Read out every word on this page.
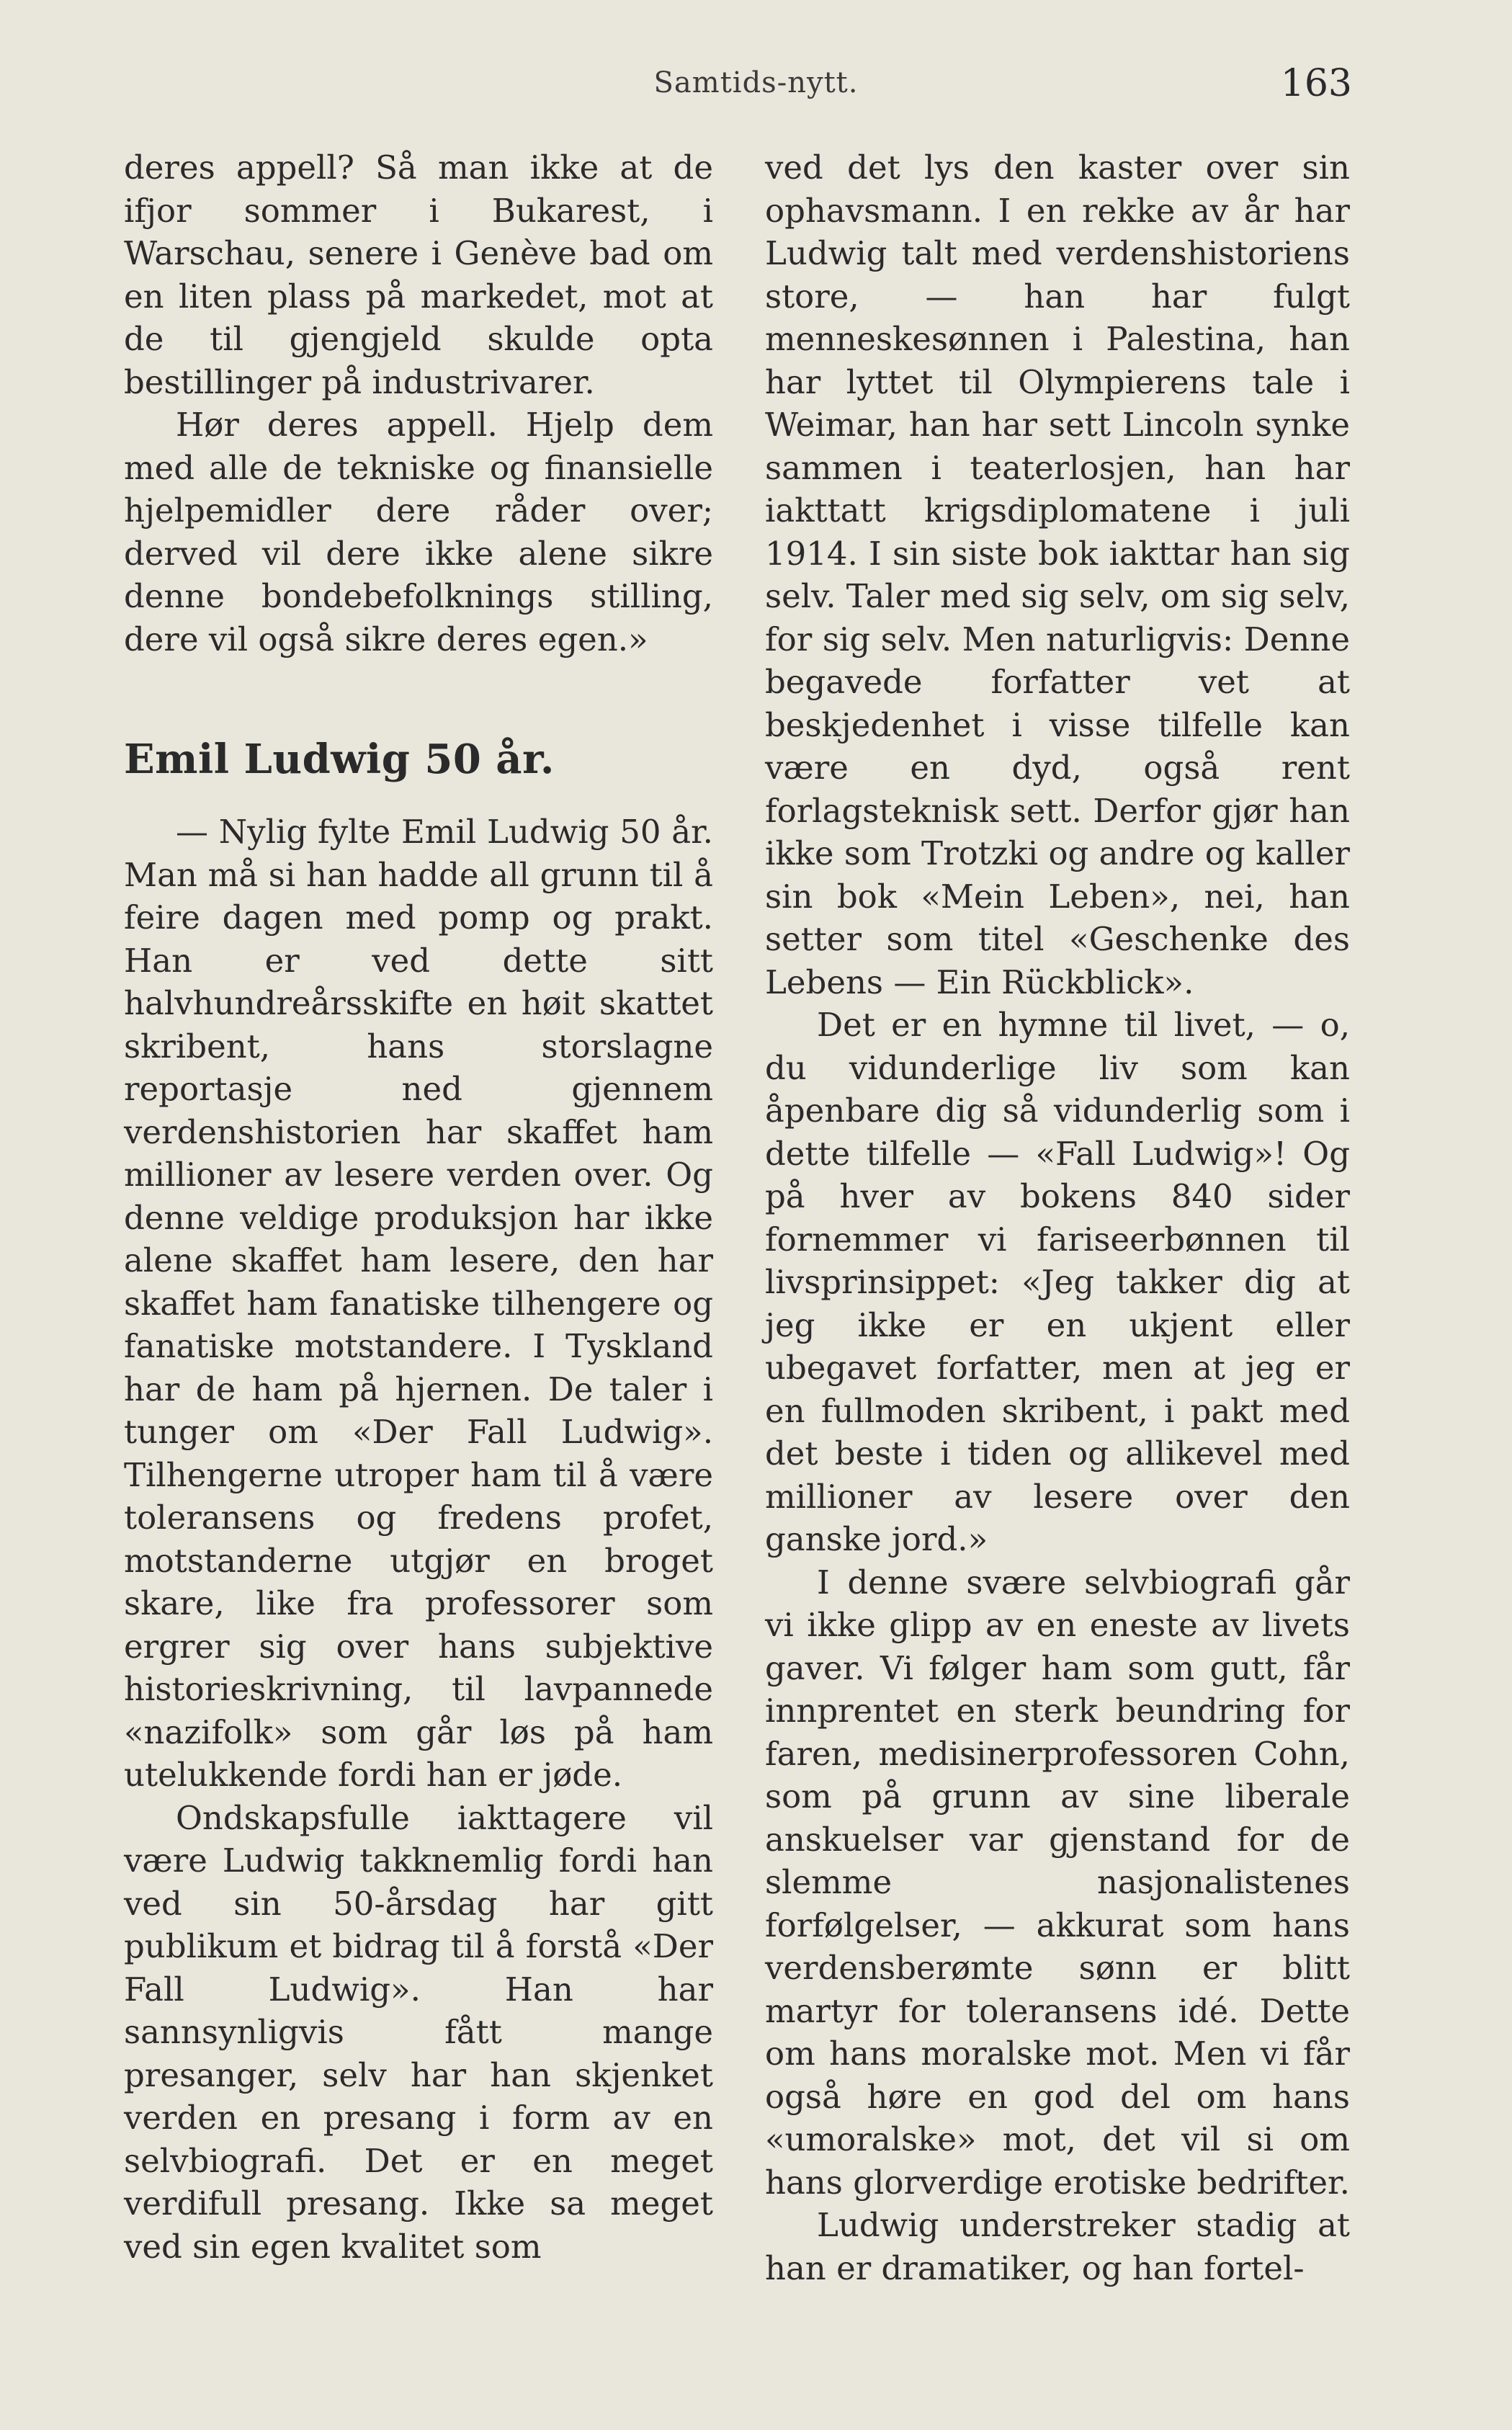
Samtids-nytt.	163

deres appell? Så man ikke at de ifjor sommer i Bukarest, i Warschau, senere i Genève bad om en liten plass på markedet, mot at de til gjengjeld skulde opta bestillinger på industrivarer.

Hør deres appell. Hjelp dem med alle de tekniske og finansielle hjelpemidler dere råder over; derved vil dere ikke alene sikre denne bondebefolknings stilling, dere vil også sikre deres egen.»

Emil Ludwig 50 år.

— Nylig fylte Emil Ludwig 50 år. Man må si han hadde all grunn til å feire dagen med pomp og prakt. Han er ved dette sitt halvhundreårsskifte en høit skattet skribent, hans storslagne reportasje ned gjennem verdenshistorien har skaffet ham millioner av lesere verden over. Og denne veldige produksjon har ikke alene skaffet ham lesere, den har skaffet ham fanatiske tilhengere og fanatiske motstandere. I Tyskland har de ham på hjernen. De taler i tunger om «Der Fall Ludwig». Tilhengerne utroper ham til å være toleransens og fredens profet, motstanderne utgjør en broget skare, like fra professorer som ergrer sig over hans subjektive historieskrivning, til lavpannede «nazifolk» som går løs på ham utelukkende fordi han er jøde.

Ondskapsfulle iakttagere vil være Ludwig takknemlig fordi han ved sin 50-årsdag har gitt publikum et bidrag til å forstå «Der Fall Ludwig». Han har sannsynligvis fått mange presanger, selv har han skjenket verden en presang i form av en selvbiografi. Det er en meget verdifull presang. Ikke sa meget ved sin egen kvalitet som

ved det lys den kaster over sin ophavsmann. I en rekke av år har Ludwig talt med verdenshistoriens store, — han har fulgt menneskesønnen i Palestina, han har lyttet til Olympierens tale i Weimar, han har sett Lincoln synke sammen i teaterlosjen, han har iakttatt krigsdiplomatene i juli 1914. I sin siste bok iakttar han sig selv. Taler med sig selv, om sig selv, for sig selv. Men naturligvis: Denne begavede forfatter vet at beskjedenhet i visse tilfelle kan være en dyd, også rent forlagsteknisk sett. Derfor gjør han ikke som Trotzki og andre og kaller sin bok «Mein Leben», nei, han setter som titel «Geschenke des Lebens — Ein Rückblick».

Det er en hymne til livet, — o, du vidunderlige liv som kan åpenbare dig så vidunderlig som i dette tilfelle — «Fall Ludwig»! Og på hver av bokens 840 sider fornemmer vi fariseerbønnen til livsprinsippet: «Jeg takker dig at jeg ikke er en ukjent eller ubegavet forfatter, men at jeg er en fullmoden skribent, i pakt med det beste i tiden og allikevel med millioner av lesere over den ganske jord.»

I denne svære selvbiografi går vi ikke glipp av en eneste av livets gaver. Vi følger ham som gutt, får innprentet en sterk beundring for faren, medisinerprofessoren Cohn, som på grunn av sine liberale anskuelser var gjenstand for de slemme nasjonalistenes forfølgelser, — akkurat som hans verdensberømte sønn er blitt martyr for toleransens idé. Dette om hans moralske mot. Men vi får også høre en god del om hans «umoralske» mot, det vil si om hans glorverdige erotiske bedrifter.

Ludwig understreker stadig at han er dramatiker, og han fortel-
